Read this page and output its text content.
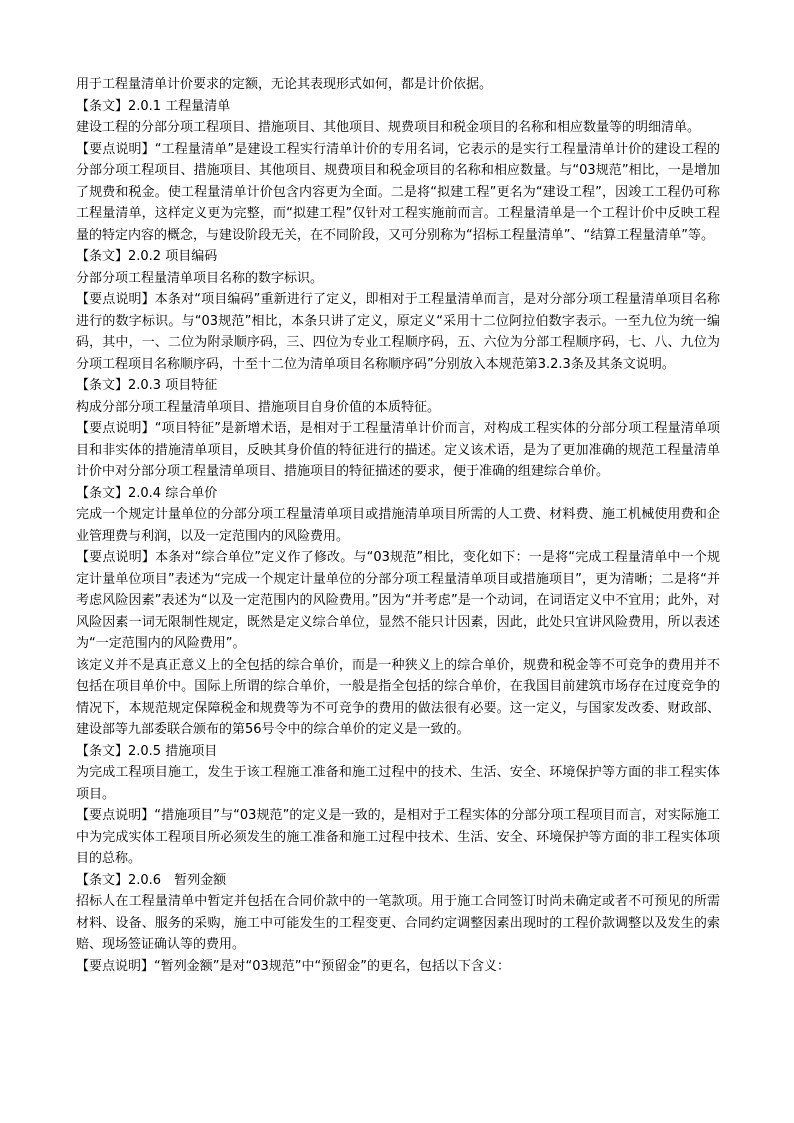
用于工程量清单计价要求的定额，无论其表现形式如何，都是计价依据。

【条文】2.0.1 工程量清单

建设工程的分部分项工程项目、措施项目、其他项目、规费项目和税金项目的名称和相应数量等的明细清单。

【要点说明】“工程量清单”是建设工程实行清单计价的专用名词，它表示的是实行工程量清单计价的建设工程的分部分项工程项目、措施项目、其他项目、规费项目和税金项目的名称和相应数量。与“03规范”相比，一是增加了规费和税金。使工程量清单计价包含内容更为全面。二是将“拟建工程”更名为“建设工程”，因竣工工程仍可称工程量清单，这样定义更为完整，而“拟建工程”仅针对工程实施前而言。工程量清单是一个工程计价中反映工程量的特定内容的概念，与建设阶段无关，在不同阶段，又可分别称为“招标工程量清单”、“结算工程量清单”等。

【条文】2.0.2 项目编码

分部分项工程量清单项目名称的数字标识。

【要点说明】本条对“项目编码”重新进行了定义，即相对于工程量清单而言，是对分部分项工程量清单项目名称进行的数字标识。与“03规范”相比，本条只讲了定义，原定义“采用十二位阿拉伯数字表示。一至九位为统一编码，其中，一、二位为附录顺序码，三、四位为专业工程顺序码，五、六位为分部工程顺序码，七、八、九位为分项工程项目名称顺序码，十至十二位为清单项目名称顺序码”分别放入本规范第3.2.3条及其条文说明。

【条文】2.0.3 项目特征

构成分部分项工程量清单项目、措施项目自身价值的本质特征。

【要点说明】“项目特征”是新增术语，是相对于工程量清单计价而言，对构成工程实体的分部分项工程量清单项目和非实体的措施清单项目，反映其身价值的特征进行的描述。定义该术语，是为了更加准确的规范工程量清单计价中对分部分项工程量清单项目、措施项目的特征描述的要求，便于准确的组建综合单价。

【条文】2.0.4 综合单价

完成一个规定计量单位的分部分项工程量清单项目或措施清单项目所需的人工费、材料费、施工机械使用费和企业管理费与利润，以及一定范围内的风险费用。

【要点说明】本条对“综合单位”定义作了修改。与“03规范”相比，变化如下：一是将“完成工程量清单中一个规定计量单位项目”表述为“完成一个规定计量单位的分部分项工程量清单项目或措施项目”，更为清晰；二是将“并考虑风险因素”表述为“以及一定范围内的风险费用。”因为“并考虑”是一个动词，在词语定义中不宜用；此外，对风险因素一词无限制性规定，既然是定义综合单位，显然不能只计因素，因此，此处只宜讲风险费用，所以表述为“一定范围内的风险费用”。

该定义并不是真正意义上的全包括的综合单价，而是一种狭义上的综合单价，规费和税金等不可竞争的费用并不包括在项目单价中。国际上所谓的综合单价，一般是指全包括的综合单价，在我国目前建筑市场存在过度竞争的情况下，本规范规定保障税金和规费等为不可竞争的费用的做法很有必要。这一定义，与国家发改委、财政部、建设部等九部委联合颁布的第56号令中的综合单价的定义是一致的。

【条文】2.0.5 措施项目

为完成工程项目施工，发生于该工程施工准备和施工过程中的技术、生活、安全、环境保护等方面的非工程实体项目。

【要点说明】“措施项目”与“03规范”的定义是一致的，是相对于工程实体的分部分项工程项目而言，对实际施工中为完成实体工程项目所必须发生的施工准备和施工过程中技术、生活、安全、环境保护等方面的非工程实体项目的总称。

【条文】2.0.6　暂列金额

招标人在工程量清单中暂定并包括在合同价款中的一笔款项。用于施工合同签订时尚未确定或者不可预见的所需材料、设备、服务的采购，施工中可能发生的工程变更、合同约定调整因素出现时的工程价款调整以及发生的索赔、现场签证确认等的费用。

【要点说明】“暂列金额”是对“03规范”中“预留金”的更名，包括以下含义：
